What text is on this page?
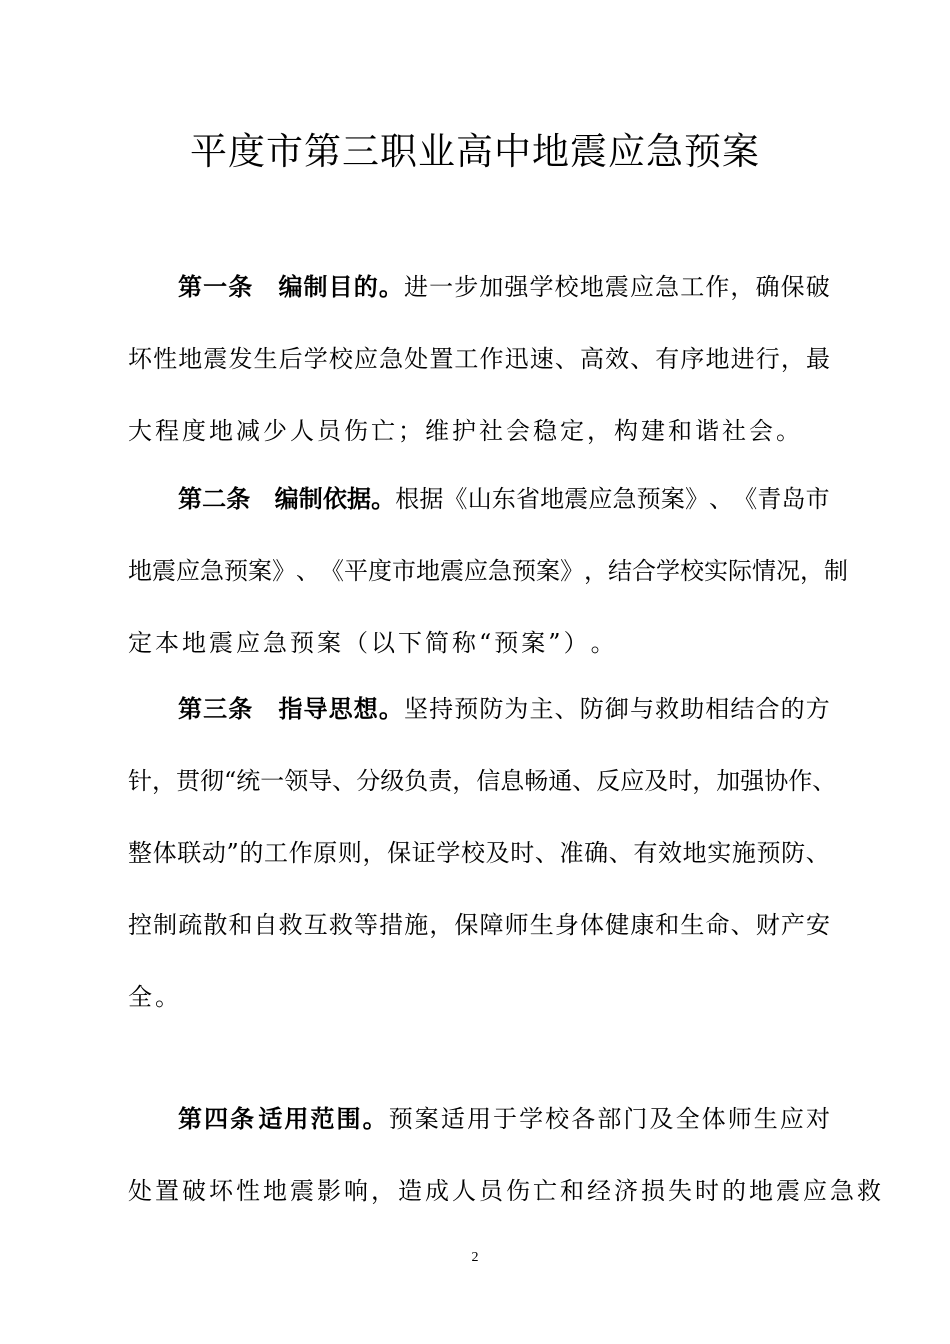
平度市第三职业高中地震应急预案
第 一 条
　 编 制 目 的 。 进 一 步 加 强 学 校 地 震 应 急 工 作 ， 确 保 破
坏 性 地 震 发 生 后 学 校 应 急 处 置 工 作 迅 速 、 高 效 、 有 序 地 进 行 ， 最
大 程 度 地 减 少 人 员 伤 亡 ； 维 护 社 会 稳 定 ， 构 建 和 谐 社 会 。
第 二 条
　 编 制 依 据 。 根 据 《 山 东 省 地 震 应 急 预 案 》 、 《 青 岛 市
地 震 应 急 预 案 》 、 《 平 度 市 地 震 应 急 预 案 》 ， 结 合 学 校 实 际 情 况 ， 制
定 本 地 震 应 急 预 案 （ 以 下 简 称 “ 预 案 ” ） 。
第 三 条
　 指 导 思 想 。 坚 持 预 防 为 主 、 防 御 与 救 助 相 结 合 的 方
针 ， 贯 彻 “ 统 一 领 导 、 分 级 负 责 ， 信 息 畅 通 、 反 应 及 时 ， 加 强 协 作 、
整 体 联 动 ” 的 工 作 原 则 ， 保 证 学 校 及 时 、 准 确 、 有 效 地 实 施 预 防 、
控 制 疏 散 和 自 救 互 救 等 措 施 ， 保 障 师 生 身 体 健 康 和 生 命 、 财 产 安
全 。
第 四 条 适 用 范 围 。 预 案 适 用 于 学 校 各 部 门 及 全 体 师 生 应 对
处 置 破 坏 性 地 震 影 响 ， 造 成 人 员 伤 亡 和 经 济 损 失 时 的 地 震 应 急 救
2
